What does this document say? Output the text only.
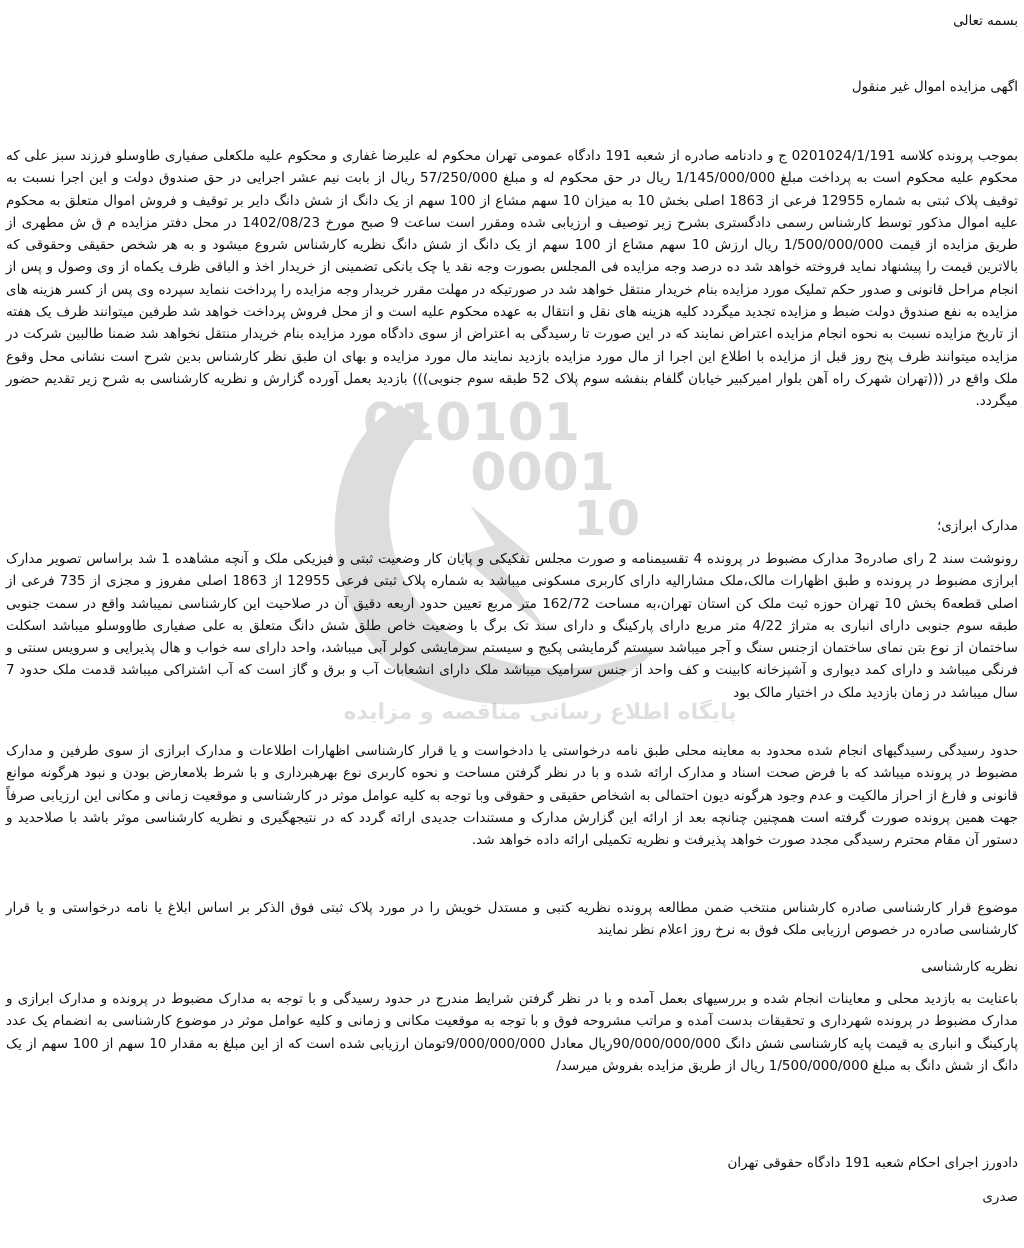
بسمه تعالی

اگهی مزایده اموال غیر منقول

بموجب پرونده کلاسه 0201024/1/191 ج و دادنامه صادره از شعبه 191 دادگاه عمومی تهران محکوم له علیرضا غفاری و محکوم علیه ملکعلی صفیاری طاوسلو فرزند سبز علی که محکوم علیه محکوم است به پرداخت مبلغ 1/145/000/000 ریال در حق محکوم له و مبلغ 57/250/000 ریال از بابت نیم عشر اجرایی در حق صندوق دولت و این اجرا نسبت به توقیف پلاک ثبتی به شماره 12955 فرعی از 1863 اصلی بخش 10 به میزان 10 سهم مشاع از 100 سهم از یک دانگ از شش دانگ دایر بر توقیف و فروش اموال متعلق به محکوم علیه اموال مذکور توسط کارشناس رسمی دادگستری بشرح زیر توصیف و ارزیابی شده ومقرر است ساعت 9 صبح مورخ 1402/08/23 در محل دفتر مزایده م ق ش مطهری از طریق مزایده از قیمت 1/500/000/000 ریال ارزش 10 سهم مشاع از 100 سهم از یک دانگ از شش دانگ نظریه کارشناس شروع میشود و به هر شخص حقیقی وحقوقی که بالاترین قیمت را پیشنهاد نماید فروخته خواهد شد ده درصد وجه مزایده فی المجلس بصورت وجه نقد یا چک بانکی تضمینی از خریدار اخذ و الباقی ظرف یکماه از وی وصول و پس از انجام مراحل قانونی و صدور حکم تملیک مورد مزایده بنام خریدار منتقل خواهد شد در صورتیکه در مهلت مقرر خریدار وجه مزایده را پرداخت ننماید سپرده وی پس از کسر هزینه های مزایده به نفع صندوق دولت ضبط و مزایده تجدید میگردد کلیه هزینه های نقل و انتقال به عهده محکوم علیه است و از محل فروش پرداخت خواهد شد طرفین میتوانند ظرف یک هفته از تاریخ مزایده نسبت به نحوه انجام مزایده اعتراض نمایند که در این صورت تا رسیدگی به اعتراض از سوی دادگاه مورد مزایده بنام خریدار منتقل نخواهد شد ضمنا طالبین شرکت در مزایده میتوانند ظرف پنج روز قبل از مزایده با اطلاع این اجرا از مال مورد مزایده بازدید نمایند مال مورد مزایده و بهای ان طبق نظر کارشناس بدین شرح است نشانی محل وقوع ملک واقع در (((تهران شهرک راه آهن بلوار امیرکبیر خیابان گلفام بنفشه سوم پلاک 52 طبقه سوم جنوبی))) بازدید بعمل آورده گزارش و نظریه کارشناسی به شرح زیر تقدیم حضور میگردد.

مدارک ابرازی؛

رونوشت سند 2 رای صادره3 مدارک مضبوط در پرونده 4 تقسیمنامه و صورت مجلس تفکیکی و پایان کار وضعیت ثبتی و فیزیکی ملک و آنچه مشاهده 1 شد براساس تصویر مدارک ابرازی مضبوط در پرونده و طبق اظهارات مالک،ملک مشارالیه دارای کاربری مسکونی میباشد به شماره پلاک ثبتی فرعی 12955 از 1863 اصلی مفروز و مجزی از 735 فرعی از اصلی قطعه6 بخش 10 تهران حوزه ثبت ملک کن استان تهران،به مساحت 162/72 متر مربع تعیین حدود اربعه دقیق آن در صلاحیت این کارشناسی نمیباشد واقع در سمت جنوبی طبقه سوم جنوبی دارای انباری به متراژ 4/22 متر مربع دارای پارکینگ و دارای سند تک برگ با وضعیت خاص طلق شش دانگ متعلق به علی صفیاری طاووسلو میباشد اسکلت ساختمان از نوع بتن نمای ساختمان ازجنس سنگ و آجر میباشد سیستم گرمایشی پکیج و سیستم سرمایشی کولر آبی میباشد، واحد دارای سه خواب و هال پذیرایی و سرویس سنتی و فرنگی میباشد و دارای کمد دیواری و آشپزخانه کابینت و کف واحد از جنس سرامیک میباشد ملک دارای انشعابات آب و برق و گاز است که آب اشتراکی میباشد قدمت ملک حدود 7 سال میباشد در زمان بازدید ملک در اختیار مالک بود

حدود رسیدگی رسیدگیهای انجام شده محدود به معاینه محلی طبق نامه درخواستی یا دادخواست و یا قرار کارشناسی اظهارات اطلاعات و مدارک ابرازی از سوی طرفین و مدارک مضبوط در پرونده میباشد که با فرض صحت اسناد و مدارک ارائه شده و با در نظر گرفتن مساحت و نحوه کاربری نوع بهرهبرداری و با شرط بلامعارض بودن و نبود هرگونه موانع قانونی و فارغ از احراز مالکیت و عدم وجود هرگونه دیون احتمالی به اشخاص حقیقی و حقوقی وبا توجه به کلیه عوامل موثر در کارشناسی و موقعیت زمانی و مکانی این ارزیابی صرفاً جهت همین پرونده صورت گرفته است همچنین چنانچه بعد از ارائه این گزارش مدارک و مستندات جدیدی ارائه گردد که در نتیجهگیری و نظریه کارشناسی موثر باشد با صلاحدید و دستور آن مقام محترم رسیدگی مجدد صورت خواهد پذیرفت و نظریه تکمیلی ارائه داده خواهد شد.

موضوع قرار کارشناسی صادره کارشناس منتخب ضمن مطالعه پرونده نظریه کتبی و مستدل خویش را در مورد پلاک ثبتی فوق الذکر بر اساس ابلاغ یا نامه درخواستی و یا قرار کارشناسی صادره در خصوص ارزیابی ملک فوق به نرخ روز اعلام نظر نمایند

نظریه کارشناسی

باعنایت به بازدید محلی و معاینات انجام شده و بررسیهای بعمل آمده و با در نظر گرفتن شرایط مندرج در حدود رسیدگی و با توجه به مدارک مضبوط در پرونده و مدارک ابرازی و مدارک مضبوط در پرونده شهرداری و تحقیقات بدست آمده و مراتب مشروحه فوق و با توجه به موقعیت مکانی و زمانی و کلیه عوامل موثر در موضوع کارشناسی به انضمام یک عدد پارکینگ و انباری به قیمت پایه کارشناسی شش دانگ 90/000/000/000ریال معادل 9/000/000/000تومان ارزیابی شده است که از این مبلغ به مقدار 10 سهم از 100 سهم از یک دانگ از شش دانگ به مبلغ 1/500/000/000 ریال از طریق مزایده بفروش میرسد/

دادورز اجرای احکام شعبه 191 دادگاه حقوقی تهران

صدری

010101
0001
10
پایگاه اطلاع رسانی مناقصه و مزایده
